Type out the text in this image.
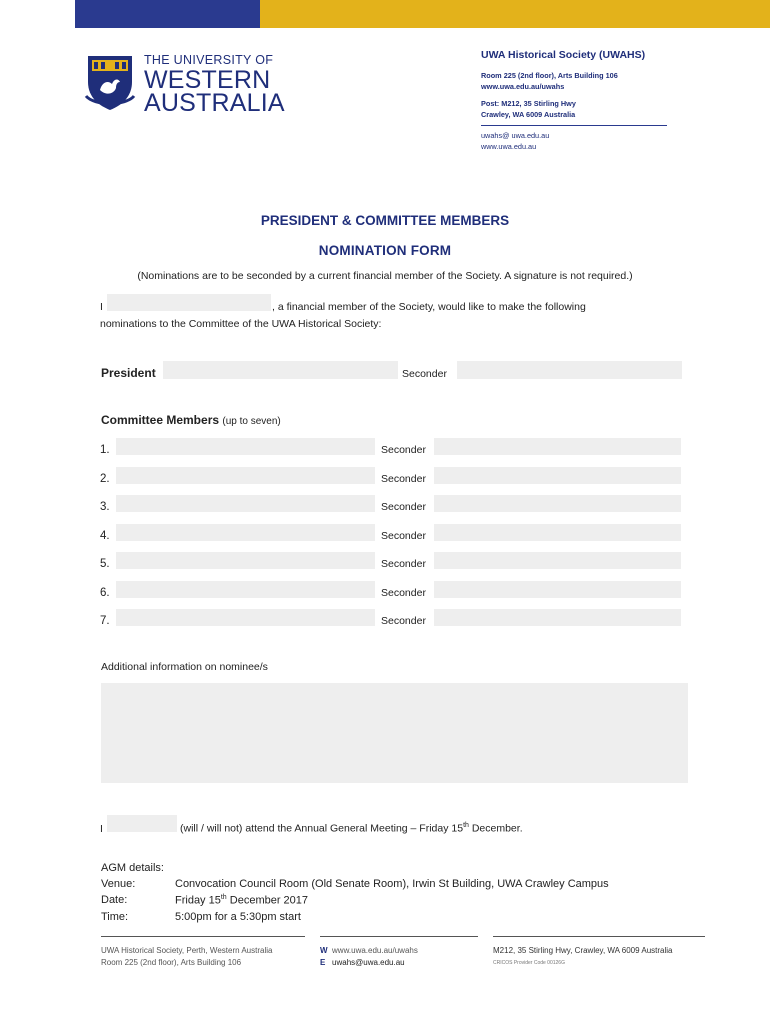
THE UNIVERSITY OF
WESTERN
AUSTRALIA
UWA Historical Society (UWAHS)
Room 225 (2nd floor), Arts Building 106
www.uwa.edu.au/uwahs
Post: M212, 35 Stirling Hwy
Crawley, WA 6009 Australia
uwahs@ uwa.edu.au
www.uwa.edu.au
PRESIDENT & COMMITTEE MEMBERS
NOMINATION FORM
(Nominations are to be seconded by a current financial member of the Society. A signature is not required.)
I	, a financial member of the Society, would like to make the following
nominations to the Committee of the UWA Historical Society:
President	Seconder
Committee Members (up to seven)
1.	Seconder
2.	Seconder
3.	Seconder
4.	Seconder
5.	Seconder
6.	Seconder
7.	Seconder
Additional information on nominee/s
I	(will / will not) attend the Annual General Meeting – Friday 15th December.
AGM details:
Venue:	Convocation Council Room (Old Senate Room), Irwin St Building, UWA Crawley Campus
Date:	Friday 15th December 2017
Time:	5:00pm for a 5:30pm start
UWA Historical Society, Perth, Western Australia
Room 225 (2nd floor), Arts Building 106
W www.uwa.edu.au/uwahs
E uwahs@uwa.edu.au
M212, 35 Stirling Hwy, Crawley, WA 6009 Australia
CRICOS Provider Code 00126G
